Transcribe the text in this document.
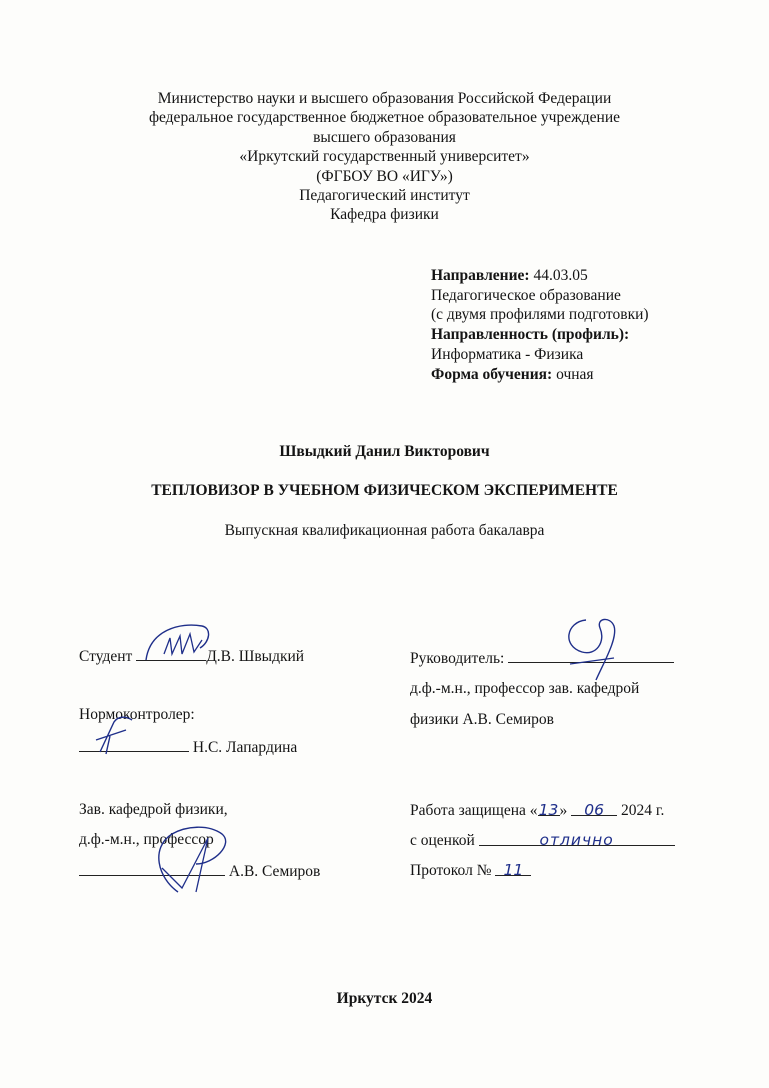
Министерство науки и высшего образования Российской Федерации
федеральное государственное бюджетное образовательное учреждение
высшего образования
«Иркутский государственный университет»
(ФГБОУ ВО «ИГУ»)
Педагогический институт
Кафедра физики
Направление: 44.03.05
Педагогическое образование
(с двумя профилями подготовки)
Направленность (профиль):
Информатика - Физика
Форма обучения: очная
Швыдкий Данил Викторович
ТЕПЛОВИЗОР В УЧЕБНОМ ФИЗИЧЕСКОМ ЭКСПЕРИМЕНТЕ
Выпускная квалификационная работа бакалавра
Студент	Д.В. Швыдкий
Нормоконтролер:
Н.С. Лапардина
Зав. кафедрой физики,
д.ф.-м.н., профессор
А.В. Семиров
Руководитель:
д.ф.-м.н., профессор зав. кафедрой
физики А.В. Семиров
Работа защищена «13» 06 2024 г.
с оценкой	отлично
Протокол № 11
Иркутск 2024
